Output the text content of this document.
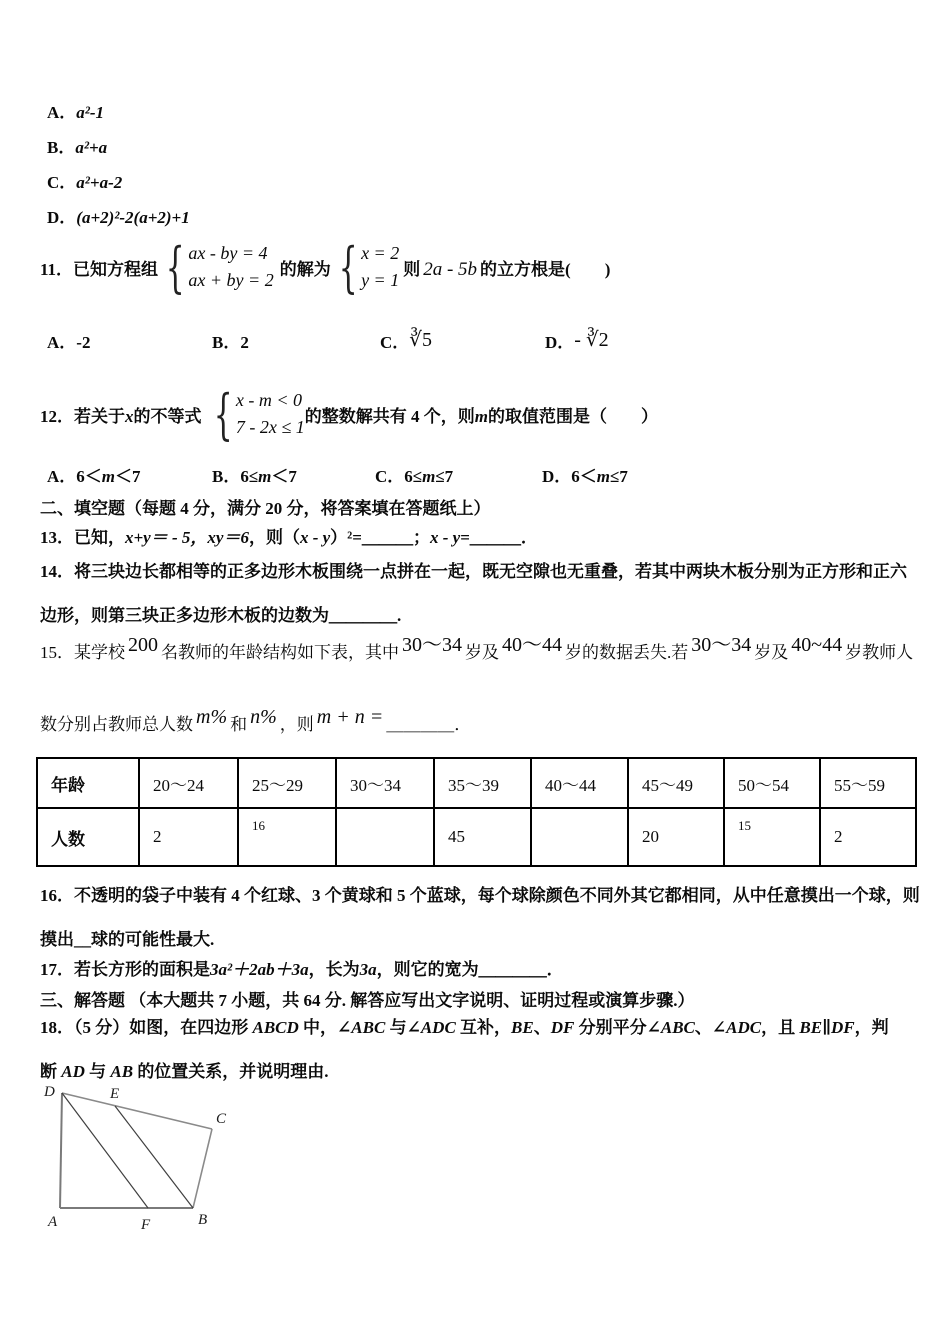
A．a²-1
B．a²+a
C．a²+a-2
D．(a+2)²-2(a+2)+1
11．已知方程组 { ax - by = 4
ax + by = 2
的解为 { x = 2
y = 1
则 2a - 5b 的立方根是(　　)
A．-2	B．2	C．∛5	D．- ∛2
12．若关于x的不等式 { x - m < 0
7 - 2x ≤ 1
的整数解共有 4 个，则m的取值范围是（　　）
A．6＜m＜7	B．6≤m＜7	C．6≤m≤7	D．6＜m≤7
二、填空题（每题 4 分，满分 20 分，将答案填在答题纸上）
13．已知，x+y＝ - 5，xy＝6，则（x - y）²=＿＿＿；x - y=＿＿＿．
14．将三块边长都相等的正多边形木板围绕一点拼在一起，既无空隙也无重叠，若其中两块木板分别为正方形和正六
边形，则第三块正多边形木板的边数为＿＿＿＿.
15．某学校 200 名教师的年龄结构如下表，其中 30～34 岁及 40～44 岁的数据丢失.若 30～34 岁及 40~44 岁教师人
数分别占教师总人数 m% 和 n% ，则 m + n = ＿＿＿＿．
年龄	20～24	25～29	30～34	35～39	40～44	45～49	50～54	55～59
人数	2	16		45		20	15	2
16．不透明的袋子中装有 4 个红球、3 个黄球和 5 个蓝球，每个球除颜色不同外其它都相同，从中任意摸出一个球，则
摸出__球的可能性最大.
17．若长方形的面积是3a²＋2ab＋3a，长为3a，则它的宽为＿＿＿＿．
三、解答题 （本大题共 7 小题，共 64 分. 解答应写出文字说明、证明过程或演算步骤.）
18．（5 分）如图，在四边形 ABCD 中，∠ABC 与∠ADC 互补，BE、DF 分别平分∠ABC、∠ADC，且 BE∥DF，判
断 AD 与 AB 的位置关系，并说明理由.
D	E
C
A	F	B
